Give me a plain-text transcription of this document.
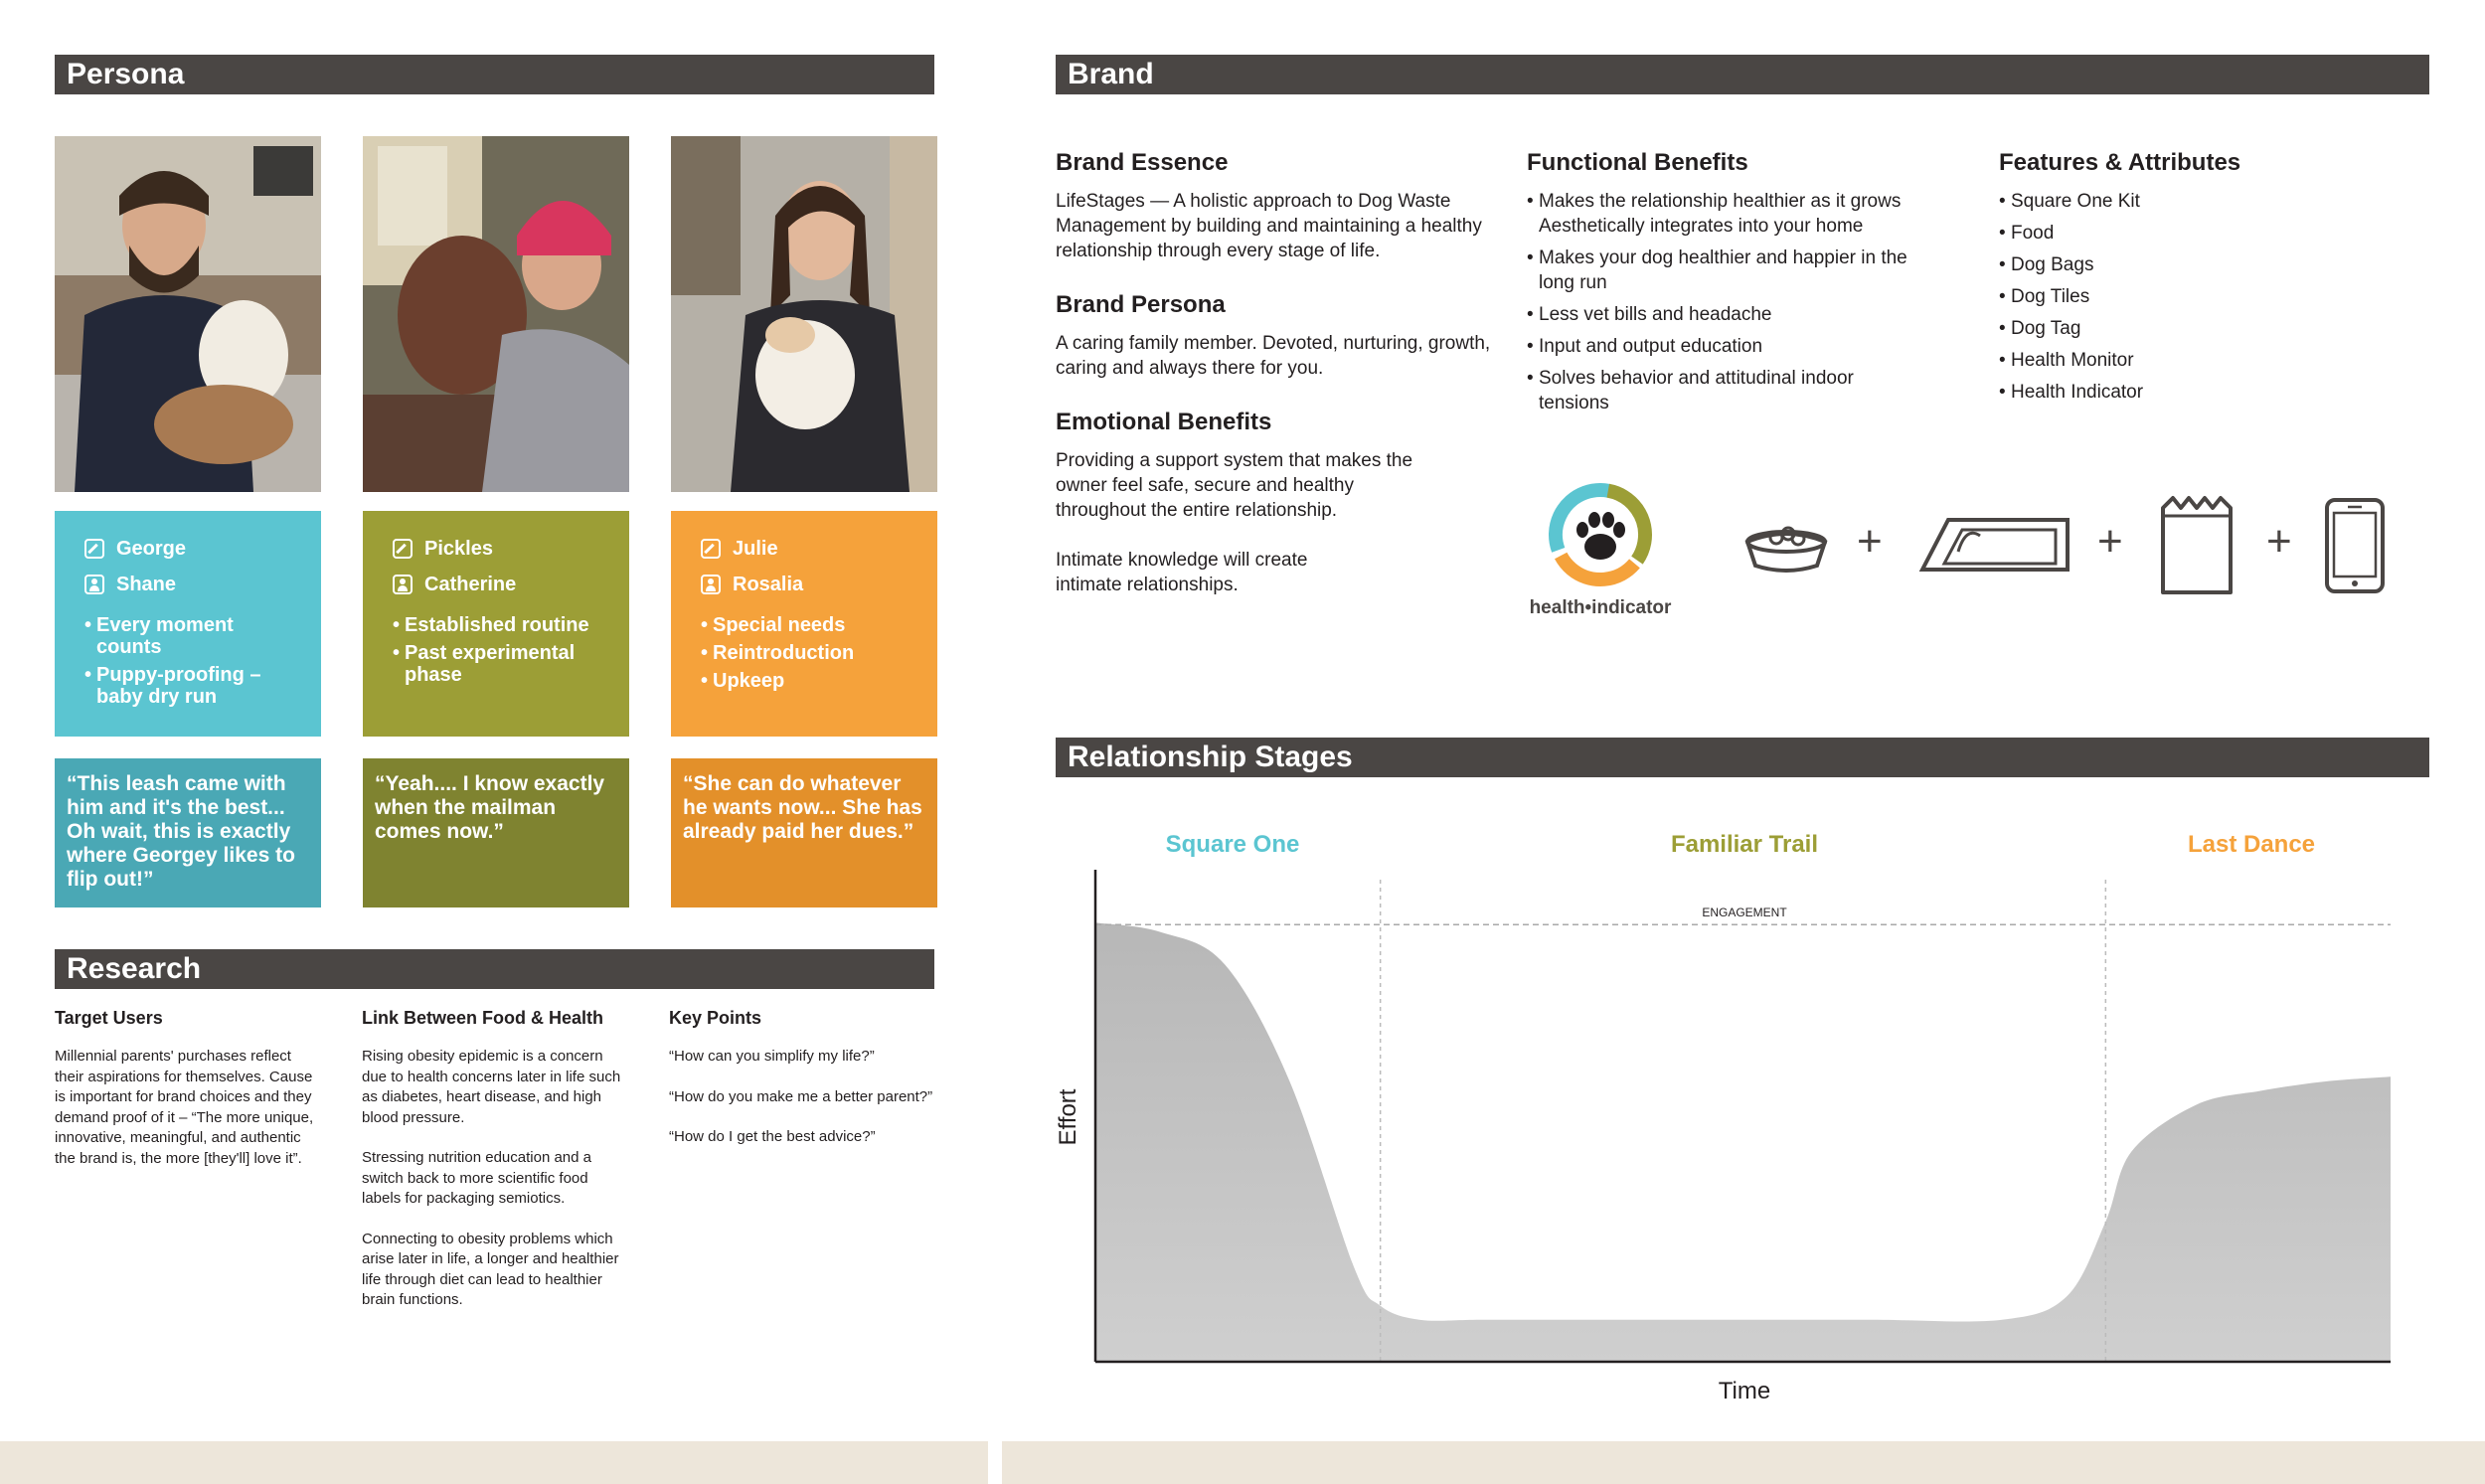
Persona
George
Shane
• Every moment counts
• Puppy-proofing – baby dry run
Pickles
Catherine
• Established routine
• Past experimental phase
Julie
Rosalia
• Special needs
• Reintroduction
• Upkeep
“This leash came with him and it's the best... Oh wait, this is exactly where Georgey likes to flip out!”
“Yeah.... I know exactly when the mailman comes now.”
“She can do whatever he wants now... She has already paid her dues.”
Research
Target Users

Millennial parents' purchases reflect their aspirations for themselves. Cause is important for brand choices and they demand proof of it – “The more unique, innovative, meaningful, and authentic the brand is, the more [they'll] love it”.

Link Between Food & Health

Rising obesity epidemic is a concern due to health concerns later in life such as diabetes, heart disease, and high blood pressure.

Stressing nutrition education and a switch back to more scientific food labels for packaging semiotics.

Connecting to obesity problems which arise later in life, a longer and healthier life through diet can lead to healthier brain functions.

Key Points

“How can you simplify my life?”

“How do you make me a better parent?”

“How do I get the best advice?”

Brand
Brand Essence

LifeStages — A holistic approach to Dog Waste Management by building and maintaining a healthy relationship through every stage of life.

Brand Persona

A caring family member. Devoted, nurturing, growth, caring and always there for you.

Emotional Benefits

Providing a support system that makes the owner feel safe, secure and healthy throughout the entire relationship.

Intimate knowledge will create intimate relationships.

Functional Benefits
• Makes the relationship healthier as it grows Aesthetically integrates into your home
• Makes your dog healthier and happier in the long run
• Less vet bills and headache
• Input and output education
• Solves behavior and attitudinal indoor tensions
Features & Attributes
• Square One Kit
• Food
• Dog Bags
• Dog Tiles
• Dog Tag
• Health Monitor
• Health Indicator
health•indicator
+	+	+
Relationship Stages
Square One	Familiar Trail	Last Dance
ENGAGEMENT
Effort
Time
